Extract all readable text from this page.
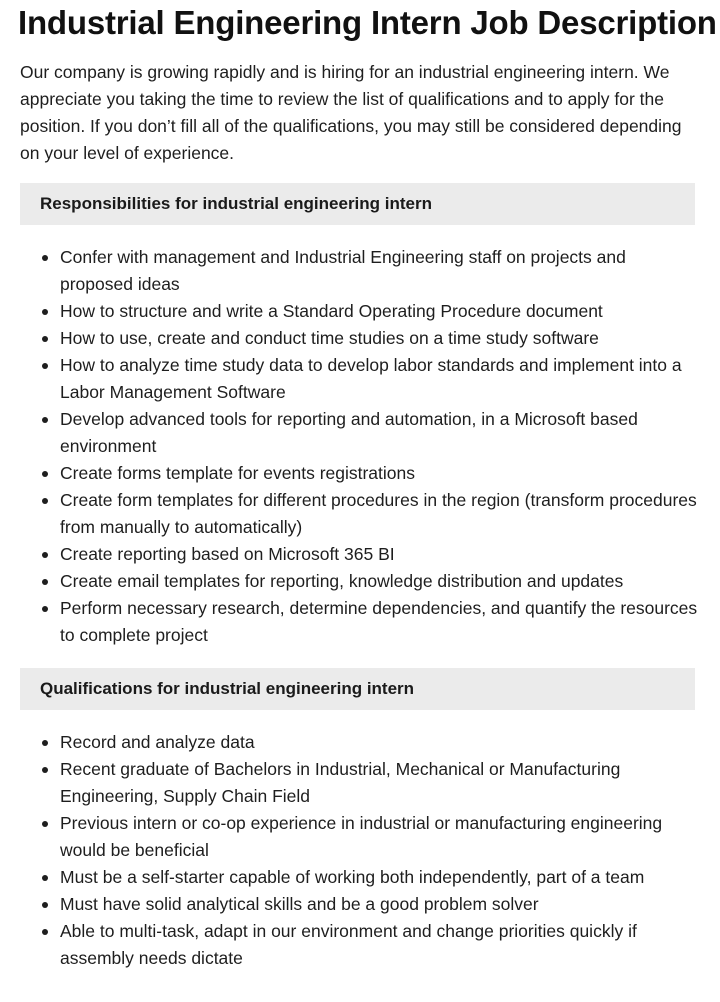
Industrial Engineering Intern Job Description

Our company is growing rapidly and is hiring for an industrial engineering intern. We appreciate you taking the time to review the list of qualifications and to apply for the position. If you don’t fill all of the qualifications, you may still be considered depending on your level of experience.

Responsibilities for industrial engineering intern
Confer with management and Industrial Engineering staff on projects and proposed ideas
How to structure and write a Standard Operating Procedure document
How to use, create and conduct time studies on a time study software
How to analyze time study data to develop labor standards and implement into a Labor Management Software
Develop advanced tools for reporting and automation, in a Microsoft based environment
Create forms template for events registrations
Create form templates for different procedures in the region (transform procedures from manually to automatically)
Create reporting based on Microsoft 365 BI
Create email templates for reporting, knowledge distribution and updates
Perform necessary research, determine dependencies, and quantify the resources to complete project
Qualifications for industrial engineering intern
Record and analyze data
Recent graduate of Bachelors in Industrial, Mechanical or Manufacturing Engineering, Supply Chain Field
Previous intern or co-op experience in industrial or manufacturing engineering would be beneficial
Must be a self-starter capable of working both independently, part of a team
Must have solid analytical skills and be a good problem solver
Able to multi-task, adapt in our environment and change priorities quickly if assembly needs dictate
